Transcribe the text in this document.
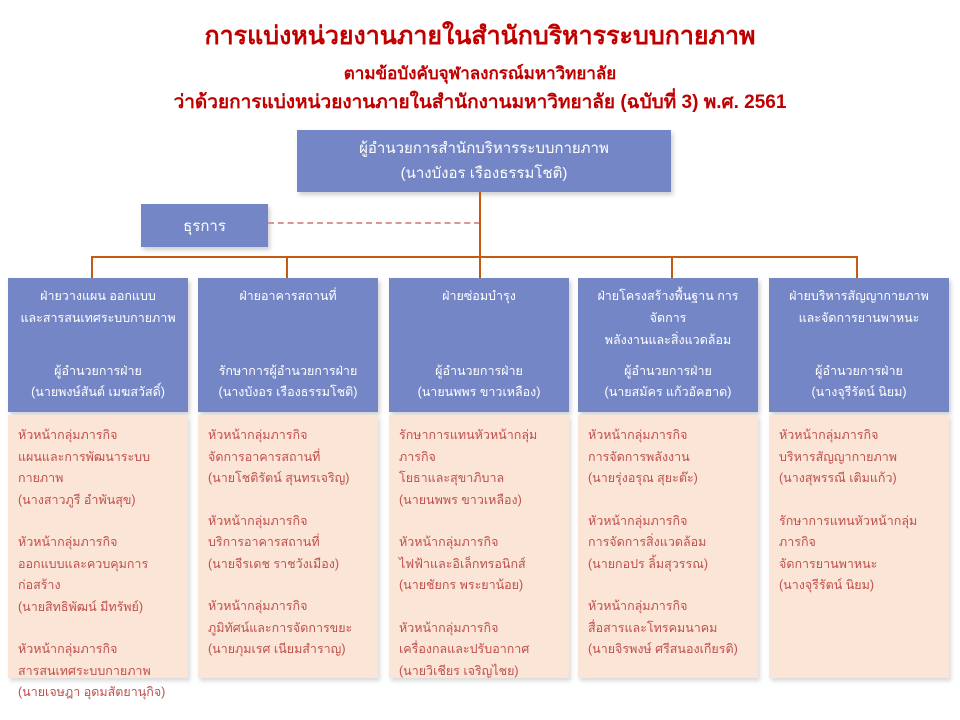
การแบ่งหน่วยงานภายในสำนักบริหารระบบกายภาพ
ตามข้อบังคับจุฬาลงกรณ์มหาวิทยาลัย
ว่าด้วยการแบ่งหน่วยงานภายในสำนักงานมหาวิทยาลัย (ฉบับที่ 3) พ.ศ. 2561
ผู้อำนวยการสำนักบริหารระบบกายภาพ
(นางบังอร เรืองธรรมโชติ)
ธุรการ
ฝ่ายวางแผน ออกแบบ
และสารสนเทศระบบกายภาพ
ผู้อำนวยการฝ่าย
(นายพงษ์สันต์ เมฆสวัสดิ์)
หัวหน้ากลุ่มภารกิจ
แผนและการพัฒนาระบบกายภาพ
(นางสาวภูรี อำพันสุข)
หัวหน้ากลุ่มภารกิจ
ออกแบบและควบคุมการก่อสร้าง
(นายสิทธิพัฒน์ มีทรัพย์)
หัวหน้ากลุ่มภารกิจ
สารสนเทศระบบกายภาพ
(นายเจษฎา อุดมสัตยานุกิจ)
ฝ่ายอาคารสถานที่
รักษาการผู้อำนวยการฝ่าย
(นางบังอร เรืองธรรมโชติ)
หัวหน้ากลุ่มภารกิจ
จัดการอาคารสถานที่
(นายโชติรัตน์ สุนทรเจริญ)
หัวหน้ากลุ่มภารกิจ
บริการอาคารสถานที่
(นายจีรเดช ราชวังเมือง)
หัวหน้ากลุ่มภารกิจ
ภูมิทัศน์และการจัดการขยะ
(นายภุมเรศ เนียมสำราญ)
ฝ่ายซ่อมบำรุง
ผู้อำนวยการฝ่าย
(นายนพพร ขาวเหลือง)
รักษาการแทนหัวหน้ากลุ่มภารกิจ
โยธาและสุขาภิบาล
(นายนพพร ขาวเหลือง)
หัวหน้ากลุ่มภารกิจ
ไฟฟ้าและอิเล็กทรอนิกส์
(นายชัยกร พระยาน้อย)
หัวหน้ากลุ่มภารกิจ
เครื่องกลและปรับอากาศ
(นายวิเชียร เจริญไชย)
ฝ่ายโครงสร้างพื้นฐาน การจัดการ
พลังงานและสิ่งแวดล้อม
ผู้อำนวยการฝ่าย
(นายสมัคร แก้วอัคฮาด)
หัวหน้ากลุ่มภารกิจ
การจัดการพลังงาน
(นายรุ่งอรุณ สุยะต๊ะ)
หัวหน้ากลุ่มภารกิจ
การจัดการสิ่งแวดล้อม
(นายกอปร ลิ้มสุวรรณ)
หัวหน้ากลุ่มภารกิจ
สื่อสารและโทรคมนาคม
(นายจิรพงษ์ ศรีสนองเกียรติ)
ฝ่ายบริหารสัญญากายภาพ
และจัดการยานพาหนะ
ผู้อำนวยการฝ่าย
(นางจุรีรัตน์ นิยม)
หัวหน้ากลุ่มภารกิจ
บริหารสัญญากายภาพ
(นางสุพรรณี เติมแก้ว)
รักษาการแทนหัวหน้ากลุ่มภารกิจ
จัดการยานพาหนะ
(นางจุรีรัตน์ นิยม)
